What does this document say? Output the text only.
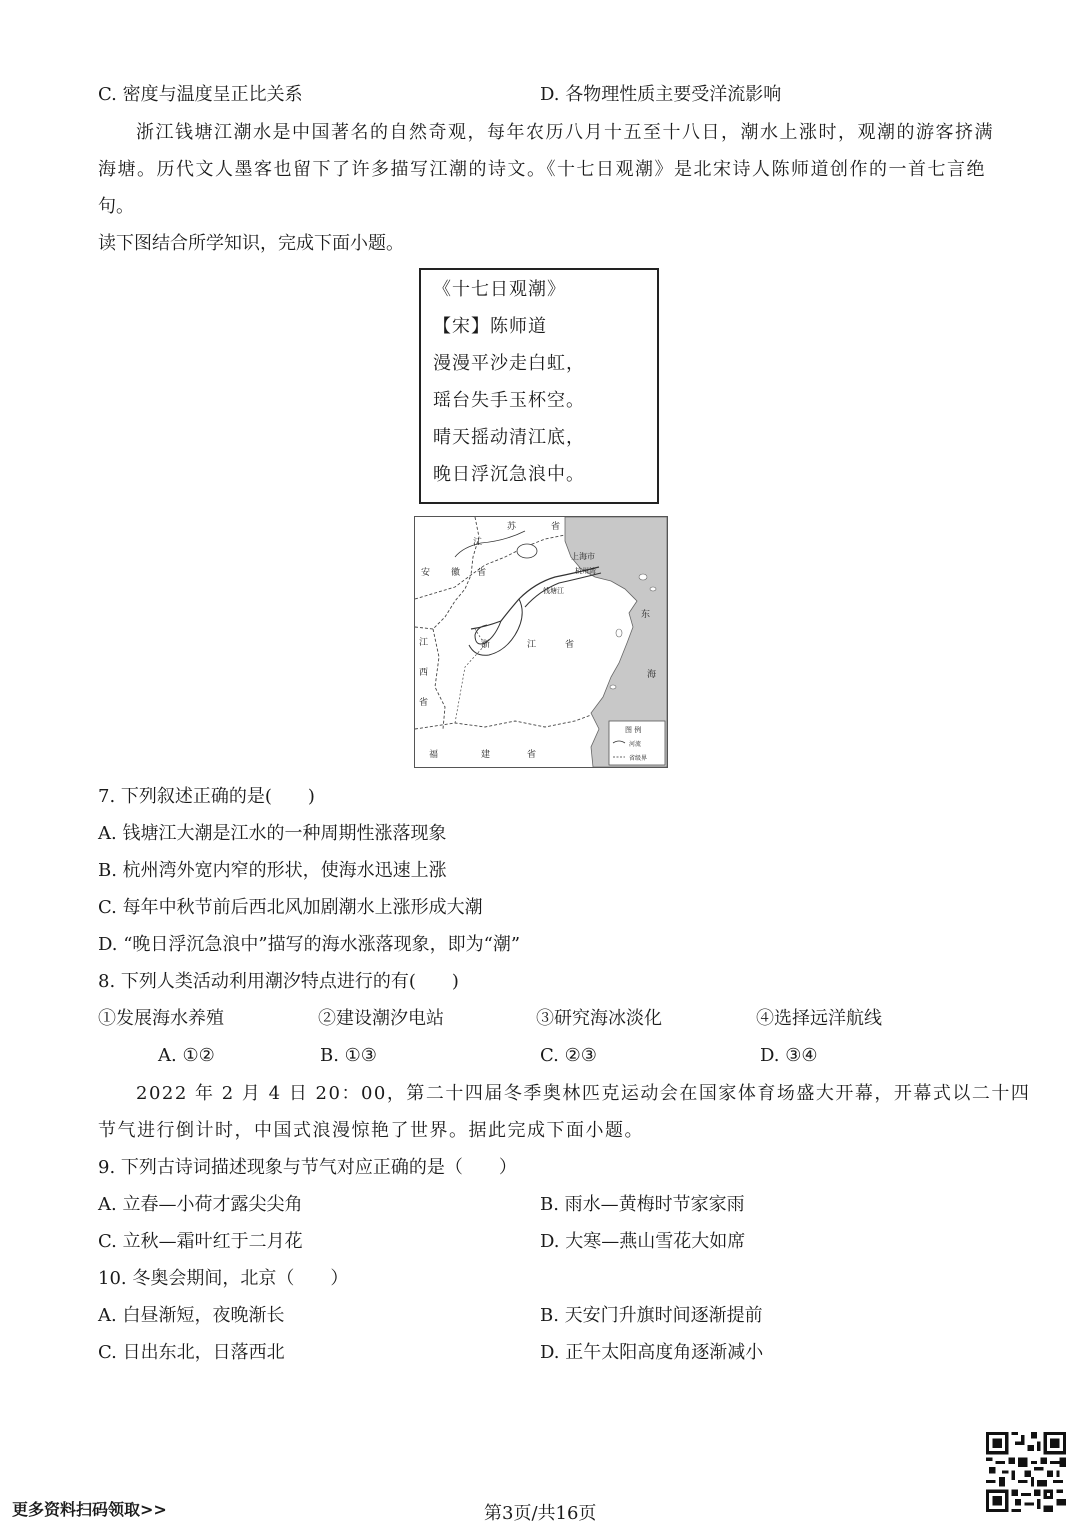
C. 密度与温度呈正比关系	D. 各物理性质主要受洋流影响
浙江钱塘江潮水是中国著名的自然奇观，每年农历八月十五至十八日，潮水上涨时，观潮的游客挤满
海塘。历代文人墨客也留下了许多描写江潮的诗文。《十七日观潮》是北宋诗人陈师道创作的一首七言绝
句。
读下图结合所学知识，完成下面小题。
《十七日观潮》
【宋】陈师道
漫漫平沙走白虹，
瑶台失手玉杯空。
晴天摇动清江底，
晚日浮沉急浪中。
江
苏	省
上海市
安 徽 省	杭州湾
钱塘江
浙	江	省
江
西
省
东
海
福	建	省
图 例
河流
省级界
7. 下列叙述正确的是(　　)
A. 钱塘江大潮是江水的一种周期性涨落现象
B. 杭州湾外宽内窄的形状，使海水迅速上涨
C. 每年中秋节前后西北风加剧潮水上涨形成大潮
D. “晚日浮沉急浪中”描写的海水涨落现象，即为“潮”
8. 下列人类活动利用潮汐特点进行的有(　　)
①发展海水养殖	②建设潮汐电站	③研究海冰淡化	④选择远洋航线
A. ①②	B. ①③	C. ②③	D. ③④
2022 年 2 月 4 日 20：00，第二十四届冬季奥林匹克运动会在国家体育场盛大开幕，开幕式以二十四
节气进行倒计时，中国式浪漫惊艳了世界。据此完成下面小题。
9. 下列古诗词描述现象与节气对应正确的是（　　）
A. 立春—小荷才露尖尖角	B. 雨水—黄梅时节家家雨
C. 立秋—霜叶红于二月花	D. 大寒—燕山雪花大如席
10. 冬奥会期间，北京（　　）
A. 白昼渐短，夜晚渐长	B. 天安门升旗时间逐渐提前
C. 日出东北，日落西北	D. 正午太阳高度角逐渐减小
更多资料扫码领取>>	第3页/共16页
